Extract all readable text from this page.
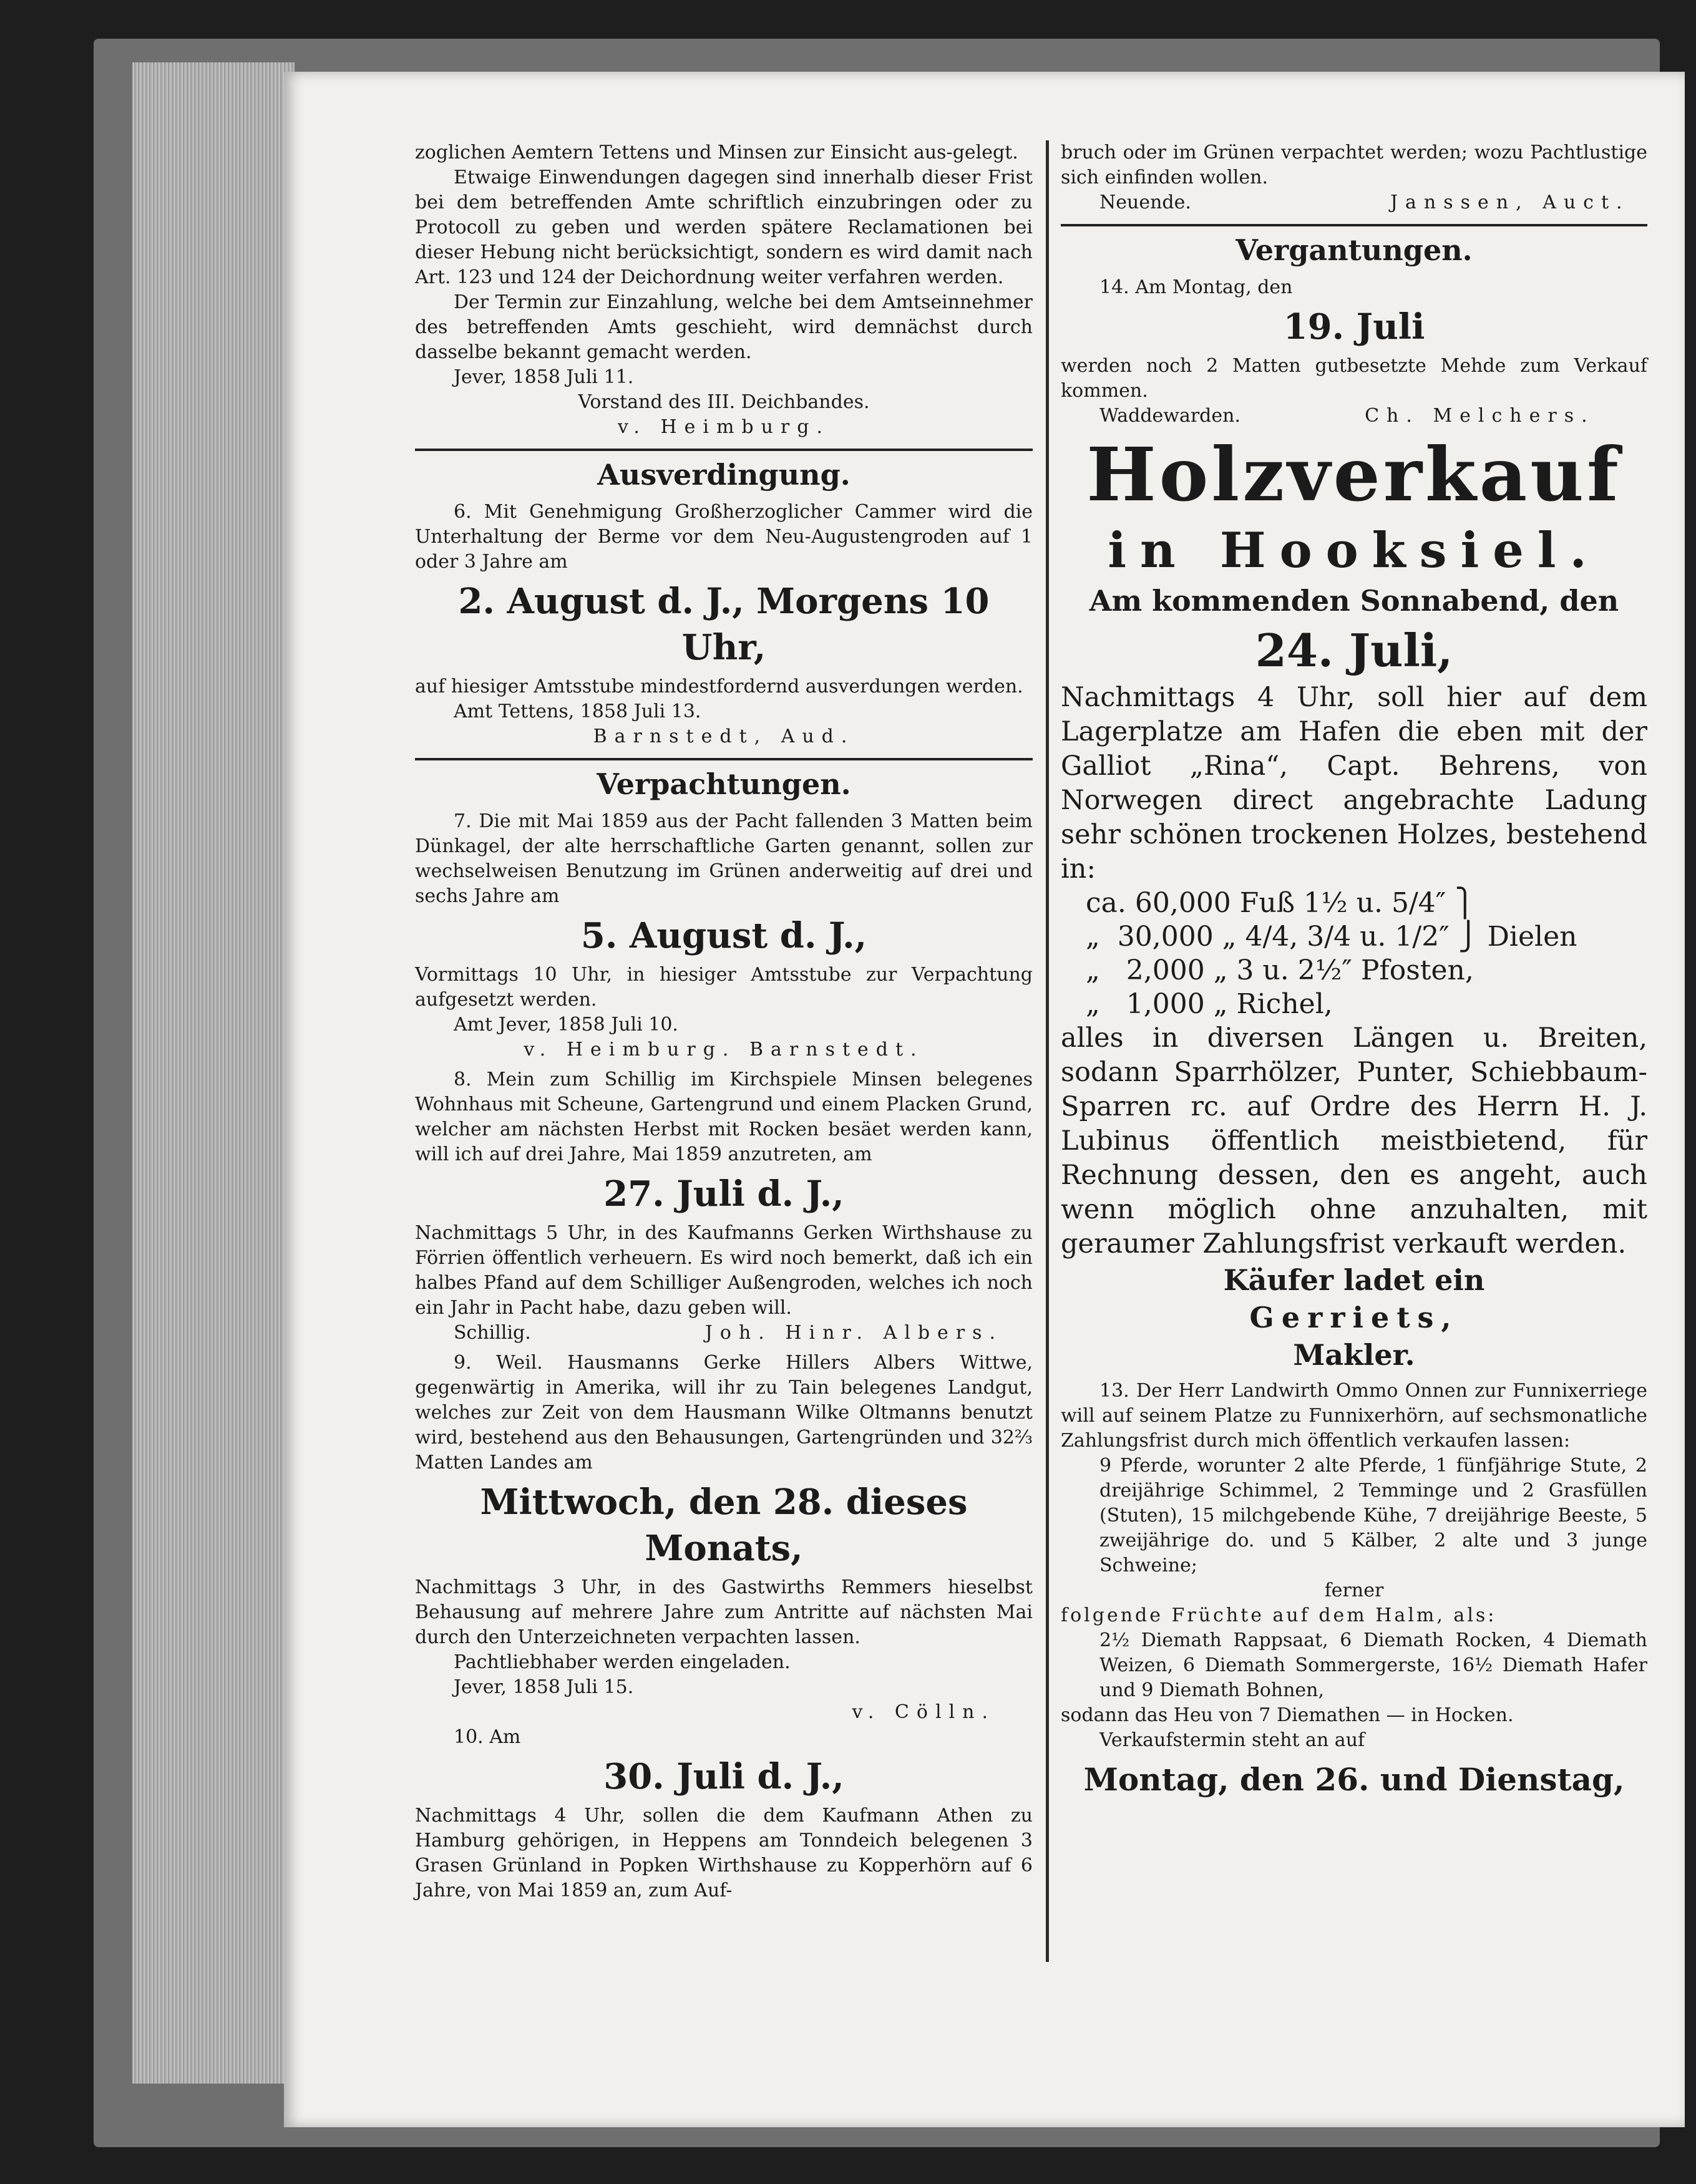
zoglichen Aemtern Tettens und Minsen zur Einsicht aus-gelegt.

Etwaige Einwendungen dagegen sind innerhalb dieser Frist bei dem betreffenden Amte schriftlich einzubringen oder zu Protocoll zu geben und werden spätere Reclamationen bei dieser Hebung nicht berücksichtigt, sondern es wird damit nach Art. 123 und 124 der Deichordnung weiter verfahren werden.

Der Termin zur Einzahlung, welche bei dem Amtseinnehmer des betreffenden Amts geschieht, wird demnächst durch dasselbe bekannt gemacht werden.

Jever, 1858 Juli 11.

Vorstand des III. Deichbandes.

v. Heimburg.

Ausverdingung.

6. Mit Genehmigung Großherzoglicher Cammer wird die Unterhaltung der Berme vor dem Neu-Augustengroden auf 1 oder 3 Jahre am

2. August d. J., Morgens 10 Uhr,

auf hiesiger Amtsstube mindestfordernd ausverdungen werden.

Amt Tettens, 1858 Juli 13.

Barnstedt, Aud.

Verpachtungen.

7. Die mit Mai 1859 aus der Pacht fallenden 3 Matten beim Dünkagel, der alte herrschaftliche Garten genannt, sollen zur wechselweisen Benutzung im Grünen anderweitig auf drei und sechs Jahre am

5. August d. J.,

Vormittags 10 Uhr, in hiesiger Amtsstube zur Verpachtung aufgesetzt werden.

Amt Jever, 1858 Juli 10.

v. Heimburg. Barnstedt.

8. Mein zum Schillig im Kirchspiele Minsen belegenes Wohnhaus mit Scheune, Gartengrund und einem Placken Grund, welcher am nächsten Herbst mit Rocken besäet werden kann, will ich auf drei Jahre, Mai 1859 anzutreten, am

27. Juli d. J.,

Nachmittags 5 Uhr, in des Kaufmanns Gerken Wirthshause zu Förrien öffentlich verheuern. Es wird noch bemerkt, daß ich ein halbes Pfand auf dem Schilliger Außengroden, welches ich noch ein Jahr in Pacht habe, dazu geben will.

Schillig.	Joh. Hinr. Albers.

9. Weil. Hausmanns Gerke Hillers Albers Wittwe, gegenwärtig in Amerika, will ihr zu Tain belegenes Landgut, welches zur Zeit von dem Hausmann Wilke Oltmanns benutzt wird, bestehend aus den Behausungen, Gartengründen und 32⅔ Matten Landes am

Mittwoch, den 28. dieses Monats,

Nachmittags 3 Uhr, in des Gastwirths Remmers hieselbst Behausung auf mehrere Jahre zum Antritte auf nächsten Mai durch den Unterzeichneten verpachten lassen.

Pachtliebhaber werden eingeladen.

Jever, 1858 Juli 15.

v. Cölln.

10. Am

30. Juli d. J.,

Nachmittags 4 Uhr, sollen die dem Kaufmann Athen zu Hamburg gehörigen, in Heppens am Tonndeich belegenen 3 Grasen Grünland in Popken Wirthshause zu Kopperhörn auf 6 Jahre, von Mai 1859 an, zum Auf-

bruch oder im Grünen verpachtet werden; wozu Pachtlustige sich einfinden wollen.

Neuende.	Janssen, Auct.

Vergantungen.

14. Am Montag, den

19. Juli

werden noch 2 Matten gutbesetzte Mehde zum Verkauf kommen.

Waddewarden.	Ch. Melchers.

Holzverkauf
in Hooksiel.
Am kommenden Sonnabend, den
24. Juli,

Nachmittags 4 Uhr, soll hier auf dem Lagerplatze am Hafen die eben mit der Galliot „Rina“, Capt. Behrens, von Norwegen direct angebrachte Ladung sehr schönen trockenen Holzes, bestehend in:

ca. 60,000 Fuß 1½ u. 5/4″ ⎫

„  30,000 „ 4/4, 3/4 u. 1/2″ ⎭ Dielen

„   2,000 „ 3 u. 2½″ Pfosten,

„   1,000 „ Richel,

alles in diversen Längen u. Breiten, sodann Sparrhölzer, Punter, Schiebbaum-Sparren rc. auf Ordre des Herrn H. J. Lubinus öffentlich meistbietend, für Rechnung dessen, den es angeht, auch wenn möglich ohne anzuhalten, mit geraumer Zahlungsfrist verkauft werden.

Käufer ladet ein
Gerriets,
Makler.

13. Der Herr Landwirth Ommo Onnen zur Funnixerriege will auf seinem Platze zu Funnixerhörn, auf sechsmonatliche Zahlungsfrist durch mich öffentlich verkaufen lassen:

9 Pferde, worunter 2 alte Pferde, 1 fünfjährige Stute, 2 dreijährige Schimmel, 2 Temminge und 2 Grasfüllen (Stuten), 15 milchgebende Kühe, 7 dreijährige Beeste, 5 zweijährige do. und 5 Kälber, 2 alte und 3 junge Schweine;

ferner

folgende Früchte auf dem Halm, als:

2½ Diemath Rappsaat, 6 Diemath Rocken, 4 Diemath Weizen, 6 Diemath Sommergerste, 16½ Diemath Hafer und 9 Diemath Bohnen,

sodann das Heu von 7 Diemathen — in Hocken.

Verkaufstermin steht an auf

Montag, den 26. und Dienstag,
